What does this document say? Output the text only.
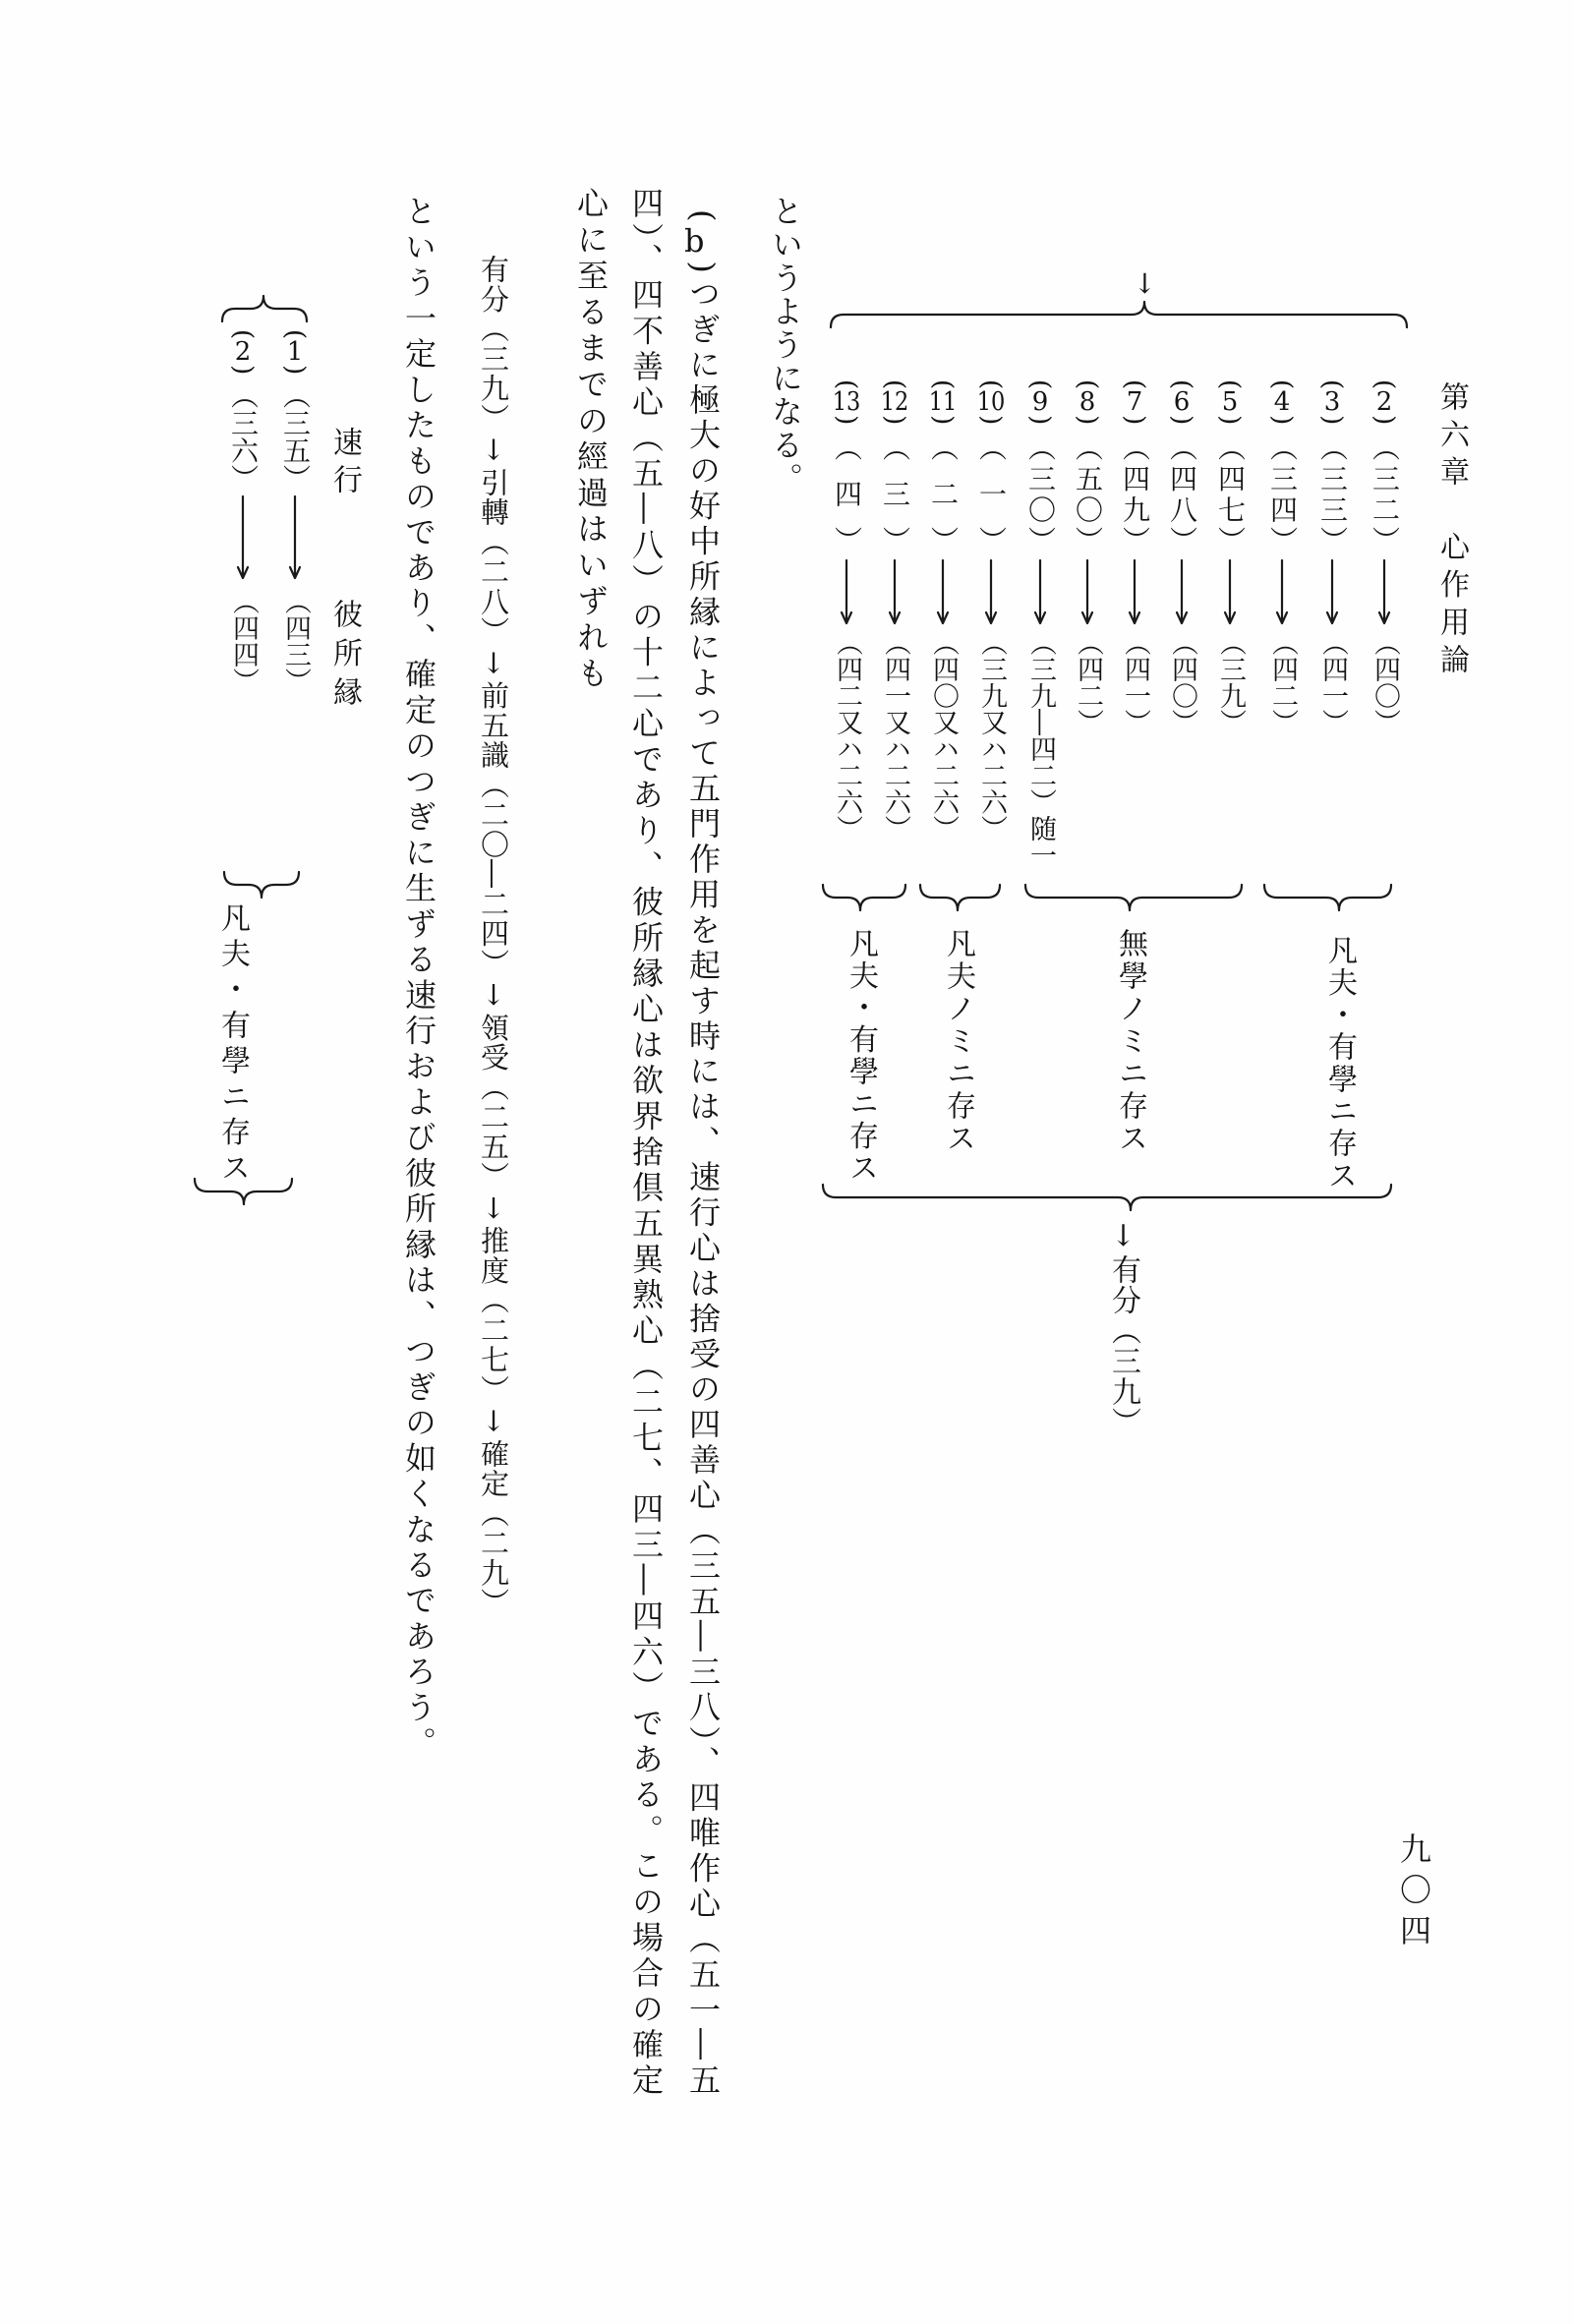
第六章　心作用論
九〇四
↓
凡夫・有學ニ存ス
無學ノミニ存ス
凡夫ノミニ存ス
凡夫・有學ニ存ス
↓有分（三九）
(2)
（三二）
（四〇）
(3)
（三三）
（四一）
(4)
（三四）
（四二）
(5)
（四七）
（三九）
(6)
（四八）
（四〇）
(7)
（四九）
（四一）
(8)
（五〇）
（四二）
(9)
（三〇）
（三九―四二）随一
(10)
（一）
（三九又ハ二六）
(11)
（二）
（四〇又ハ二六）
(12)
（三）
（四一又ハ二六）
(13)
（四）
（四二又ハ二六）
というようになる。
(b)つぎに極大の好中所縁によって五門作用を起す時には、速行心は捨受の四善心（三五―三八）、四唯作心（五一―五
四）、四不善心（五―八）の十二心であり、彼所縁心は欲界捨倶五異熟心（二七、四三―四六）である。この場合の確定
心に至るまでの經過はいずれも
有分（三九）↓引轉（二八）↓前五識（二〇―二四）↓領受（二五）↓推度（二七）↓確定（二九）
という一定したものであり、確定のつぎに生ずる速行および彼所縁は、つぎの如くなるであろう。
速行
彼所縁
凡夫・有學ニ存ス
(1)
（三五）
（四三）
(2)
（三六）
（四四）
